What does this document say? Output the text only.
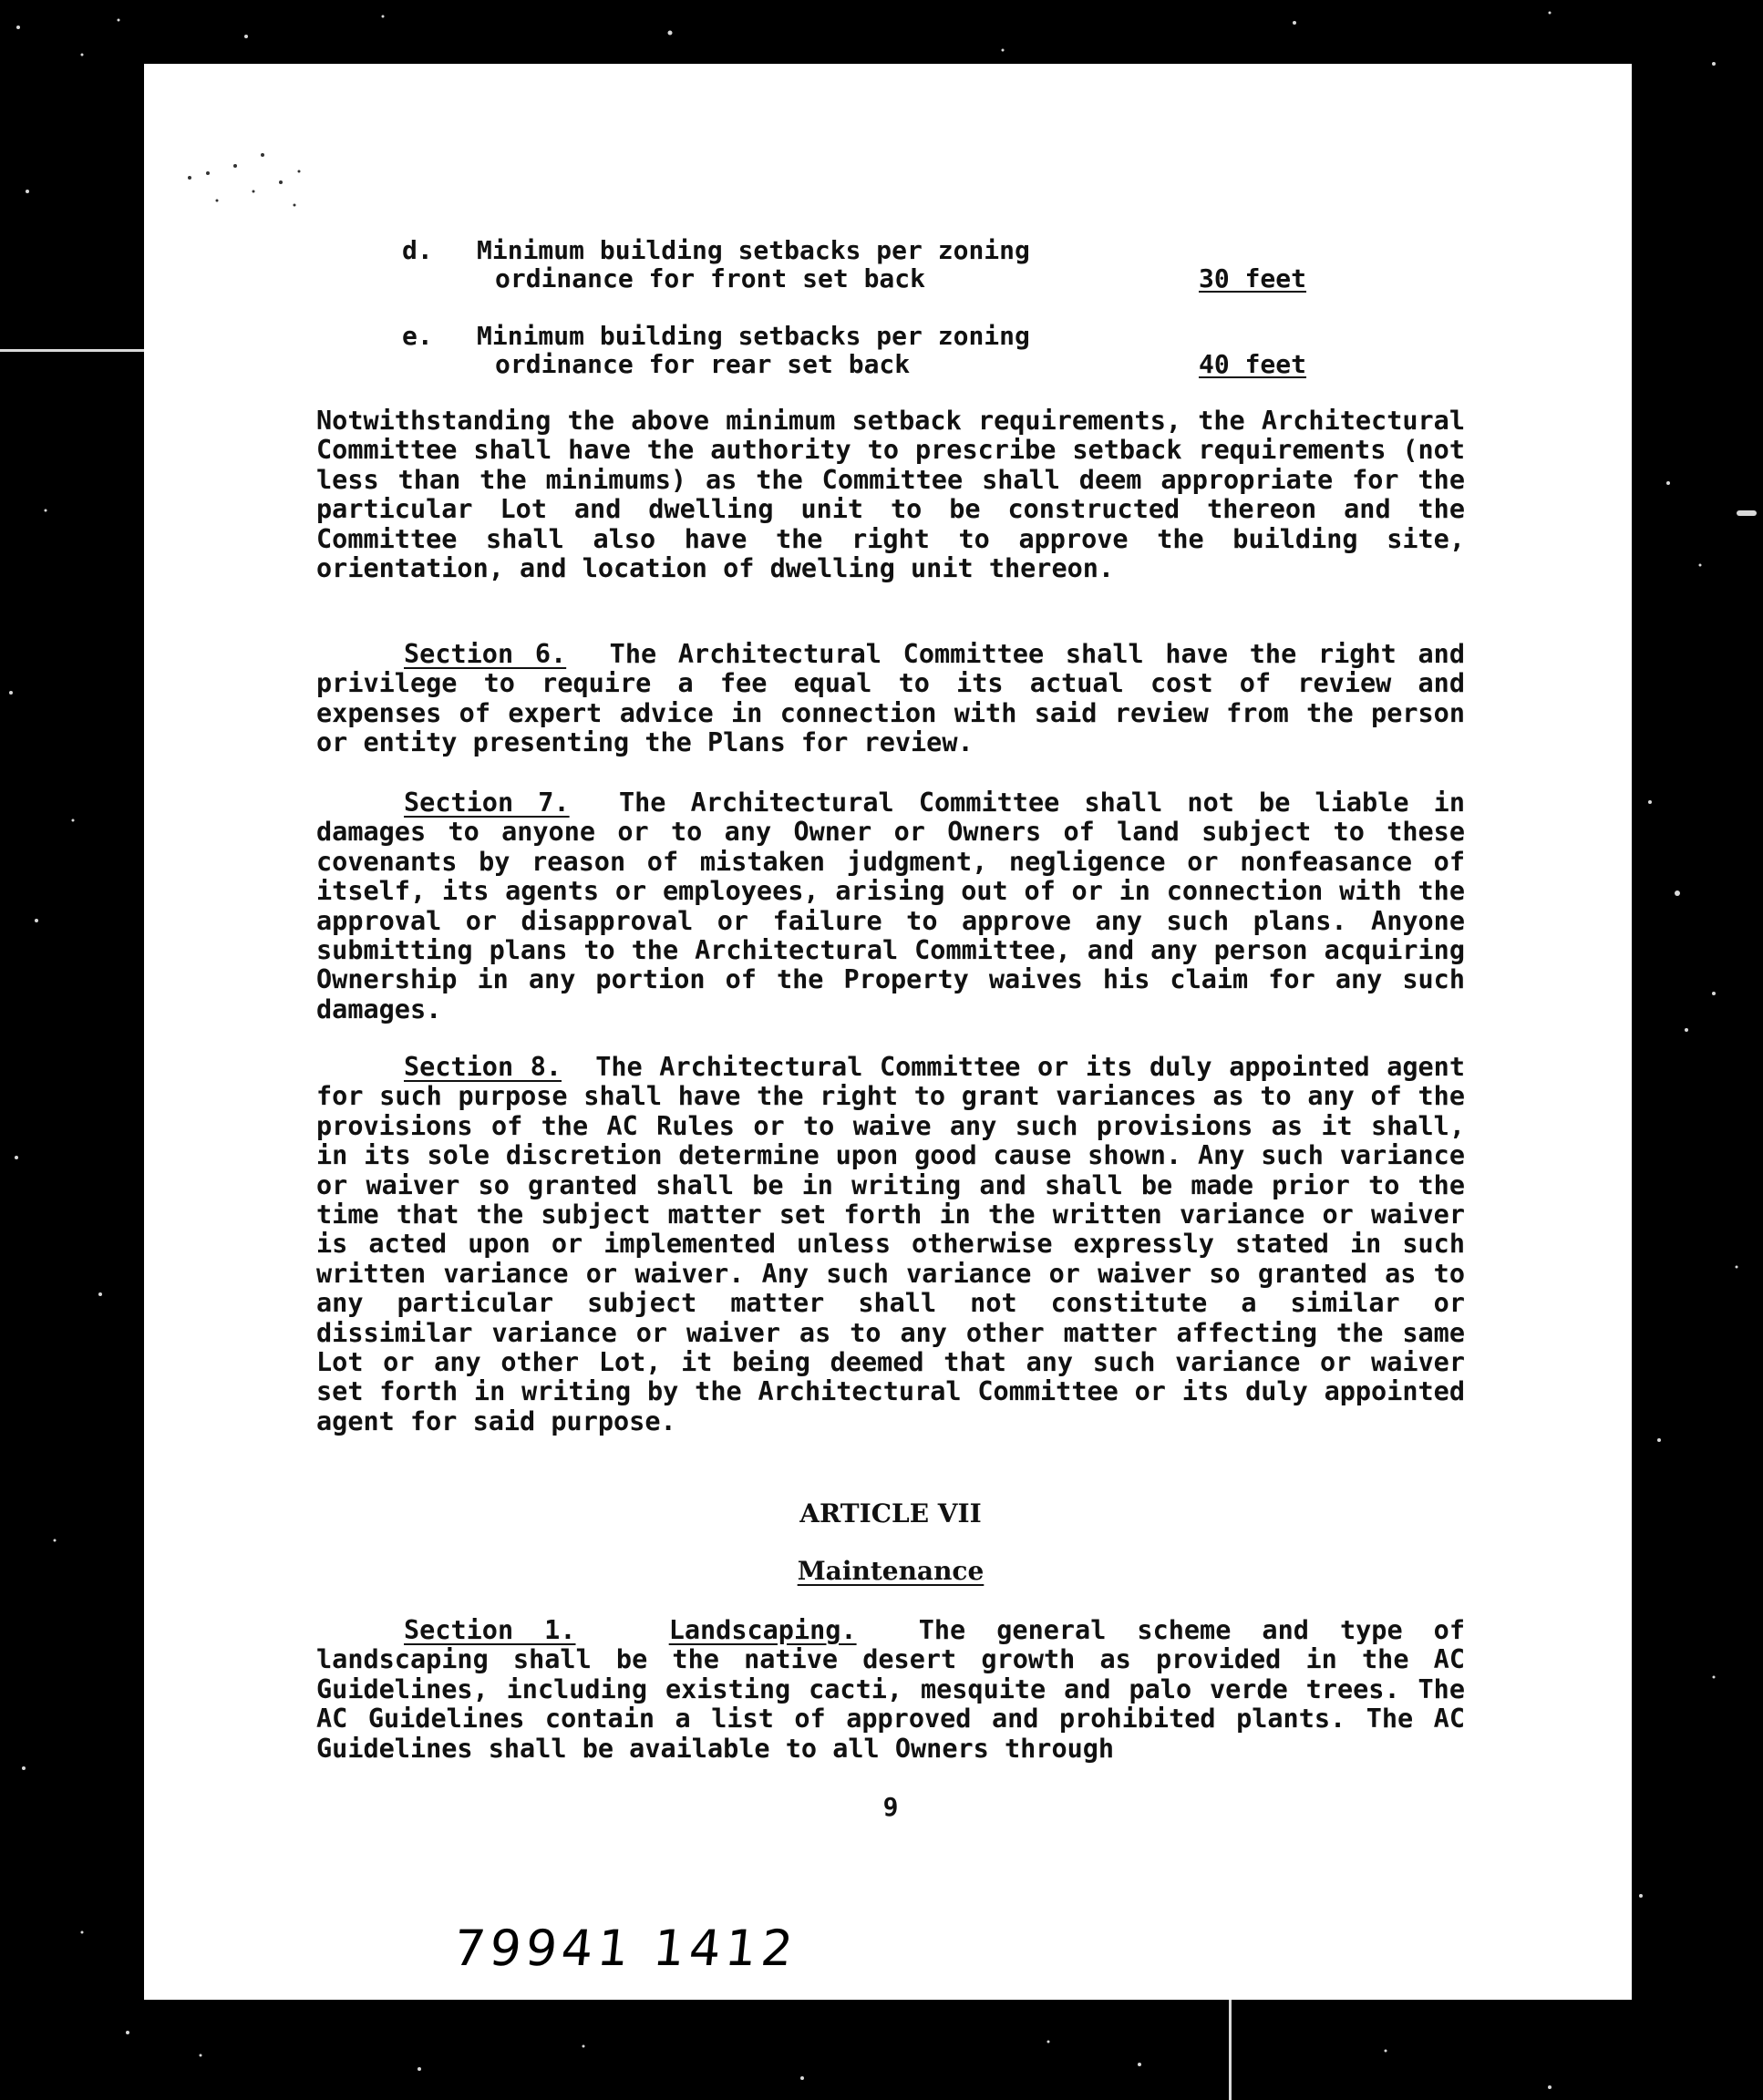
d. Minimum building setbacks per zoning
ordinance for front set back	30 feet
e. Minimum building setbacks per zoning
ordinance for rear set back	40 feet
Notwithstanding the above minimum setback requirements, the Architectural Committee shall have the authority to prescribe setback requirements (not less than the minimums) as the Committee shall deem appropriate for the particular Lot and dwelling unit to be constructed thereon and the Committee shall also have the right to approve the building site, orientation, and location of dwelling unit thereon.
Section 6. The Architectural Committee shall have the right and privilege to require a fee equal to its actual cost of review and expenses of expert advice in connection with said review from the person or entity presenting the Plans for review.
Section 7. The Architectural Committee shall not be liable in damages to anyone or to any Owner or Owners of land subject to these covenants by reason of mistaken judgment, negligence or nonfeasance of itself, its agents or employees, arising out of or in connection with the approval or disapproval or failure to approve any such plans. Anyone submitting plans to the Architectural Committee, and any person acquiring Ownership in any portion of the Property waives his claim for any such damages.
Section 8. The Architectural Committee or its duly appointed agent for such purpose shall have the right to grant variances as to any of the provisions of the AC Rules or to waive any such provisions as it shall, in its sole discretion determine upon good cause shown. Any such variance or waiver so granted shall be in writing and shall be made prior to the time that the subject matter set forth in the written variance or waiver is acted upon or implemented unless otherwise expressly stated in such written variance or waiver. Any such variance or waiver so granted as to any particular subject matter shall not constitute a similar or dissimilar variance or waiver as to any other matter affecting the same Lot or any other Lot, it being deemed that any such variance or waiver set forth in writing by the Architectural Committee or its duly appointed agent for said purpose.
ARTICLE VII
Maintenance
Section 1.	Landscaping. The general scheme and type of landscaping shall be the native desert growth as provided in the AC Guidelines, including existing cacti, mesquite and palo verde trees. The AC Guidelines contain a list of approved and prohibited plants. The AC Guidelines shall be available to all Owners through
9
79941 1412
